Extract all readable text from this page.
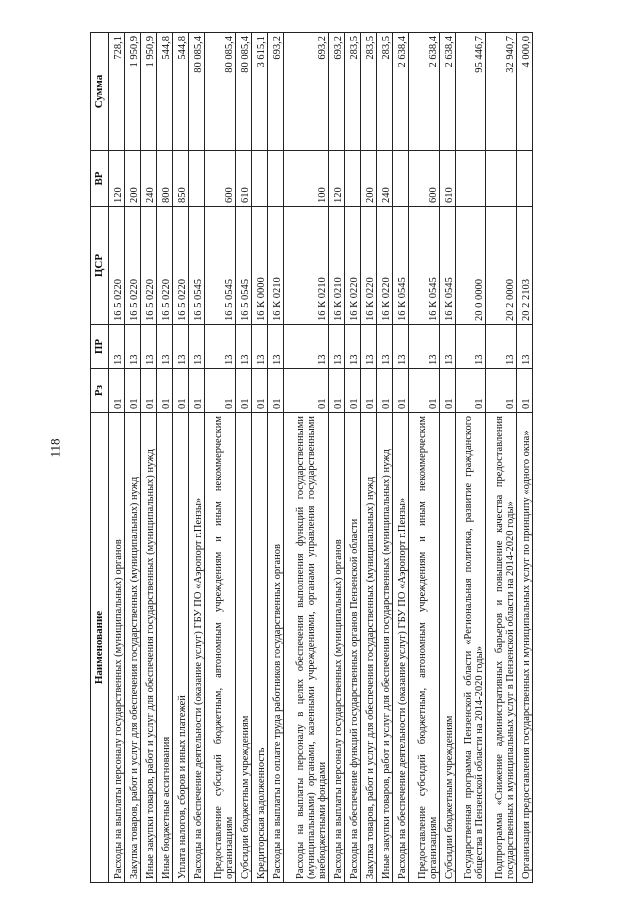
118
Наименование	Рз	ПР	ЦСР	ВР	Сумма
Расходы на выплаты персоналу государственных (муниципальных) органов	01	13	16 5 0220	120	728,1
Закупка товаров, работ и услуг для обеспечения государственных (муниципальных) нужд	01	13	16 5 0220	200	1 950,9
Иные закупки товаров, работ и услуг для обеспечения государственных (муниципальных) нужд	01	13	16 5 0220	240	1 950,9
Иные бюджетные ассигнования	01	13	16 5 0220	800	544,8
Уплата налогов, сборов и иных платежей	01	13	16 5 0220	850	544,8
Расходы на обеспечение деятельности (оказание услуг) ГБУ ПО «Аэропорт г.Пензы»	01	13	16 5 0545		80 085,4
Предоставление субсидий бюджетным, автономным учреждениям и иным некоммерческим организациям	01	13	16 5 0545	600	80 085,4
Субсидии бюджетным учреждениям	01	13	16 5 0545	610	80 085,4
Кредиторская задолженность	01	13	16 К 0000		3 615,1
Расходы на выплаты по оплате труда работников государственных органов	01	13	16 К 0210		693,2
Расходы на выплаты персоналу в целях обеспечения выполнения функций государственными (муниципальными) органами, казенными учреждениями, органами управления государственными внебюджетными фондами	01	13	16 К 0210	100	693,2
Расходы на выплаты персоналу государственных (муниципальных) органов	01	13	16 К 0210	120	693,2
Расходы на обеспечение функций государственных органов Пензенской области	01	13	16 К 0220		283,5
Закупка товаров, работ и услуг для обеспечения государственных (муниципальных) нужд	01	13	16 К 0220	200	283,5
Иные закупки товаров, работ и услуг для обеспечения государственных (муниципальных) нужд	01	13	16 К 0220	240	283,5
Расходы на обеспечение деятельности (оказание услуг) ГБУ ПО «Аэропорт г.Пензы»	01	13	16 К 0545		2 638,4
Предоставление субсидий бюджетным, автономным учреждениям и иным некоммерческим организациям	01	13	16 К 0545	600	2 638,4
Субсидии бюджетным учреждениям	01	13	16 К 0545	610	2 638,4
Государственная программа Пензенской области «Региональная политика, развитие гражданского общества в Пензенской области на 2014-2020 годы»	01	13	20 0 0000		95 446,7
Подпрограмма «Снижение административных барьеров и повышение качества предоставления государственных и муниципальных услуг в Пензенской области на 2014-2020 годы»	01	13	20 2 0000		32 940,7
Организация предоставления государственных и муниципальных услуг по принципу «одного окна»	01	13	20 2 2103		4 000,0
